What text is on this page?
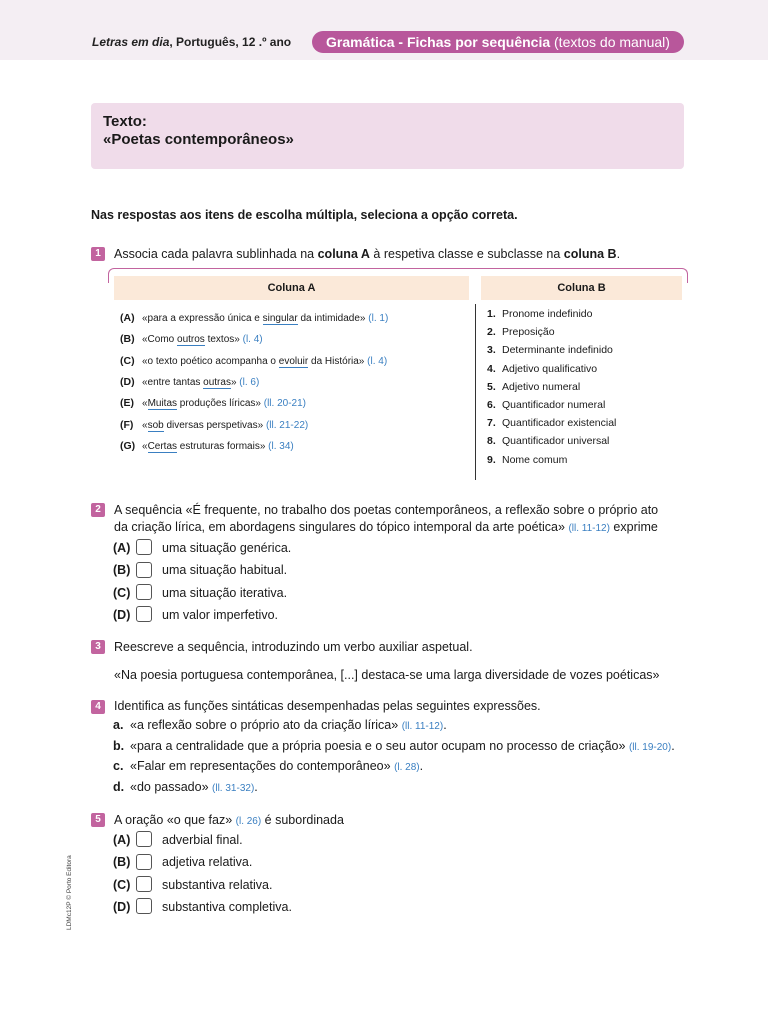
Letras em dia, Português, 12 .º ano	Gramática - Fichas por sequência (textos do manual)
Texto:
«Poetas contemporâneos»
Nas respostas aos itens de escolha múltipla, seleciona a opção correta.
1	Associa cada palavra sublinhada na coluna A à respetiva classe e subclasse na coluna B.
Coluna A	Coluna B
(A) «para a expressão única e singular da intimidade» (l. 1)
(B) «Como outros textos» (l. 4)
(C) «o texto poético acompanha o evoluir da História» (l. 4)
(D) «entre tantas outras» (l. 6)
(E) «Muitas produções líricas» (ll. 20-21)
(F) «sob diversas perspetivas» (ll. 21-22)
(G) «Certas estruturas formais» (l. 34)
1. Pronome indefinido
2. Preposição
3. Determinante indefinido
4. Adjetivo qualificativo
5. Adjetivo numeral
6. Quantificador numeral
7. Quantificador existencial
8. Quantificador universal
9. Nome comum
2	A sequência «É frequente, no trabalho dos poetas contemporâneos, a reflexão sobre o próprio ato
da criação lírica, em abordagens singulares do tópico intemporal da arte poética» (ll. 11-12) exprime
(A)	uma situação genérica.
(B)	uma situação habitual.
(C)	uma situação iterativa.
(D)	um valor imperfetivo.
3	Reescreve a sequência, introduzindo um verbo auxiliar aspetual.
«Na poesia portuguesa contemporânea, [...] destaca-se uma larga diversidade de vozes poéticas»
4	Identifica as funções sintáticas desempenhadas pelas seguintes expressões.
a. «a reflexão sobre o próprio ato da criação lírica» (ll. 11-12).
b. «para a centralidade que a própria poesia e o seu autor ocupam no processo de criação» (ll. 19-20).
c. «Falar em representações do contemporâneo» (l. 28).
d. «do passado» (ll. 31-32).
5	A oração «o que faz» (l. 26) é subordinada
(A)	adverbial final.
(B)	adjetiva relativa.
(C)	substantiva relativa.
(D)	substantiva completiva.
LDMc12P © Porto Editora
